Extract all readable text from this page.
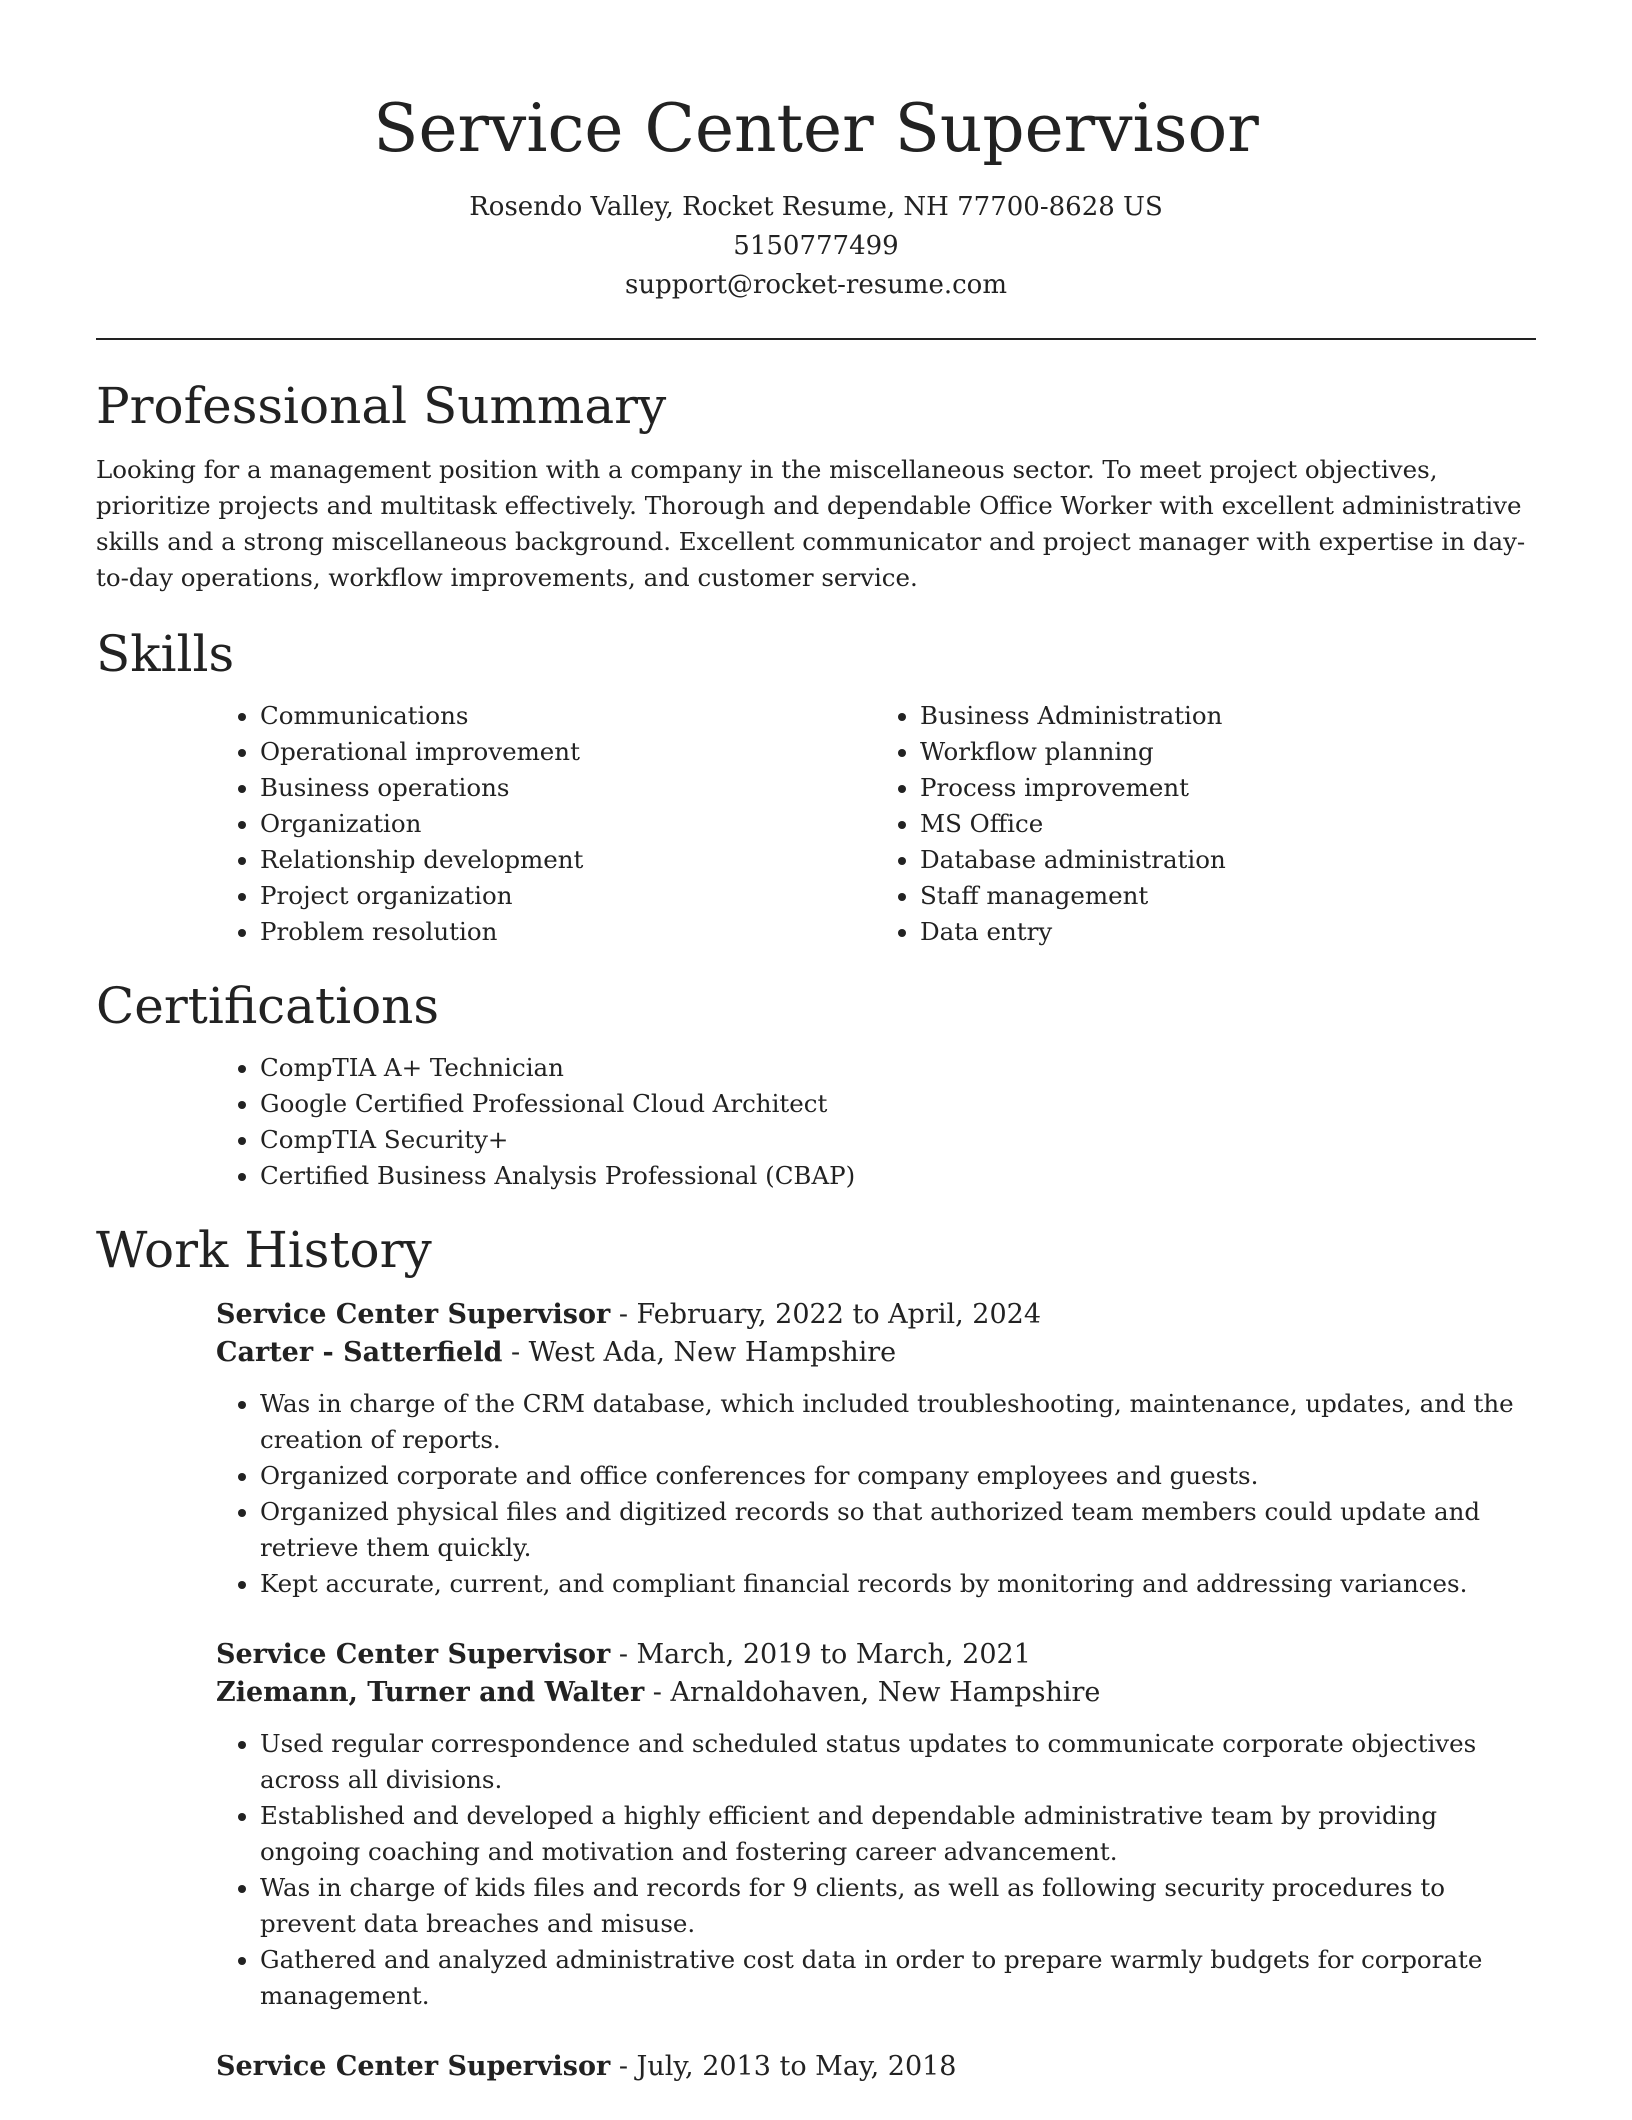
Service Center Supervisor

Rosendo Valley, Rocket Resume, NH 77700-8628 US

5150777499

support@rocket-resume.com

Professional Summary

Looking for a management position with a company in the miscellaneous sector. To meet project objectives, prioritize projects and multitask effectively. Thorough and dependable Office Worker with excellent administrative skills and a strong miscellaneous background. Excellent communicator and project manager with expertise in day-to-day operations, workflow improvements, and customer service.

Skills
• Communications
• Operational improvement
• Business operations
• Organization
• Relationship development
• Project organization
• Problem resolution
• Business Administration
• Workflow planning
• Process improvement
• MS Office
• Database administration
• Staff management
• Data entry
Certifications
• CompTIA A+ Technician
• Google Certified Professional Cloud Architect
• CompTIA Security+
• Certified Business Analysis Professional (CBAP)
Work History

Service Center Supervisor - February, 2022 to April, 2024

Carter - Satterfield - West Ada, New Hampshire

• Was in charge of the CRM database, which included troubleshooting, maintenance, updates, and the creation of reports.
• Organized corporate and office conferences for company employees and guests.
• Organized physical files and digitized records so that authorized team members could update and retrieve them quickly.
• Kept accurate, current, and compliant financial records by monitoring and addressing variances.

Service Center Supervisor - March, 2019 to March, 2021

Ziemann, Turner and Walter - Arnaldohaven, New Hampshire

• Used regular correspondence and scheduled status updates to communicate corporate objectives across all divisions.
• Established and developed a highly efficient and dependable administrative team by providing ongoing coaching and motivation and fostering career advancement.
• Was in charge of kids files and records for 9 clients, as well as following security procedures to prevent data breaches and misuse.
• Gathered and analyzed administrative cost data in order to prepare warmly budgets for corporate management.

Service Center Supervisor - July, 2013 to May, 2018
